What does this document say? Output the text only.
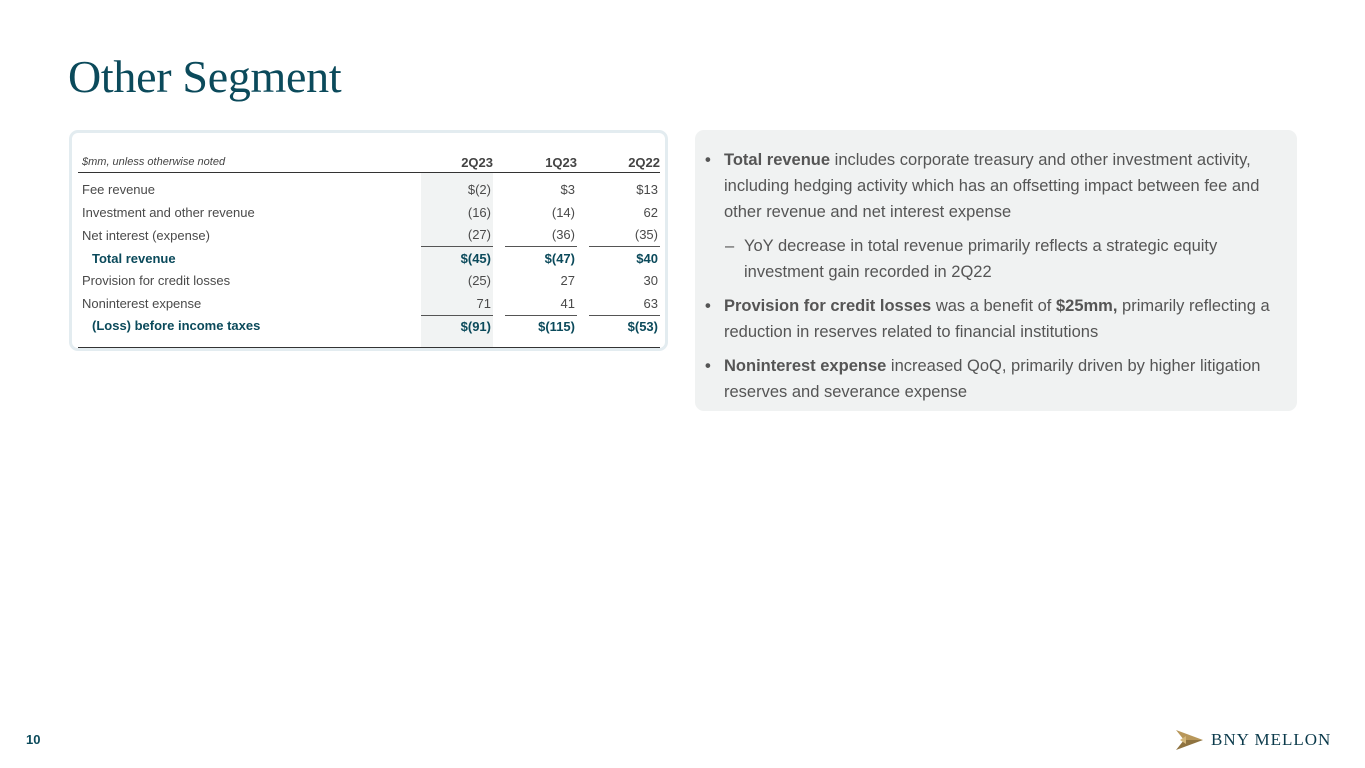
Other Segment
$mm, unless otherwise noted	2Q23		1Q23		2Q22
Fee revenue	$(2)		$3		$13
Investment and other revenue	(16)		(14)		62
Net interest (expense)	(27)		(36)		(35)
Total revenue	$(45)		$(47)		$40
Provision for credit losses	(25)		27		30
Noninterest expense	71		41		63
(Loss) before income taxes	$(91)		$(115)		$(53)
• Total revenue includes corporate treasury and other investment activity, including hedging activity which has an offsetting impact between fee and other revenue and net interest expense
– YoY decrease in total revenue primarily reflects a strategic equity investment gain recorded in 2Q22
• Provision for credit losses was a benefit of $25mm, primarily reflecting a reduction in reserves related to financial institutions
• Noninterest expense increased QoQ, primarily driven by higher litigation reserves and severance expense
10	BNY MELLON
